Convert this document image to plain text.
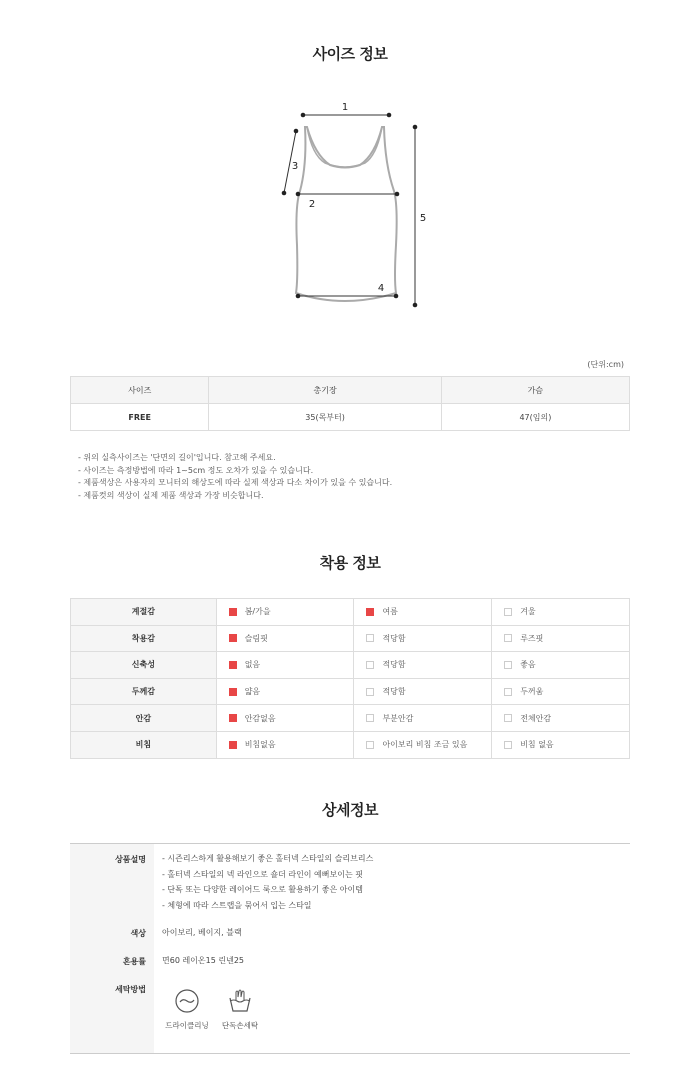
사이즈 정보
1
2
3
4
5
(단위:cm)
사이즈	총기장	가슴
FREE	35(목부터)	47(임의)
- 위의 실측사이즈는 '단면의 길이'입니다. 참고해 주세요.
- 사이즈는 측정방법에 따라 1~5cm 정도 오차가 있을 수 있습니다.
- 제품색상은 사용자의 모니터의 해상도에 따라 실제 색상과 다소 차이가 있을 수 있습니다.
- 제품컷의 색상이 실제 제품 색상과 가장 비슷합니다.
착용 정보
계절감	봄/가을	여름	겨울
착용감	슬림핏	적당함	루즈핏
신축성	없음	적당함	좋음
두께감	얇음	적당함	두꺼움
안감	안감없음	부분안감	전체안감
비침	비침없음	아이보리 비침 조금 있음	비침 없음
상세정보
상품설명 - 시즌리스하게 활용해보기 좋은 홀터넥 스타일의 슬리브리스
- 홀터넥 스타일의 넥 라인으로 숄더 라인이 예뻐보이는 핏
- 단독 또는 다양한 레이어드 룩으로 활용하기 좋은 아이템
- 체형에 따라 스트랩을 묶어서 입는 스타일
색상 아이보리, 베이지, 블랙
혼용률 면60 레이온15 린넨25
세탁방법
드라이클리닝	단독손세탁
